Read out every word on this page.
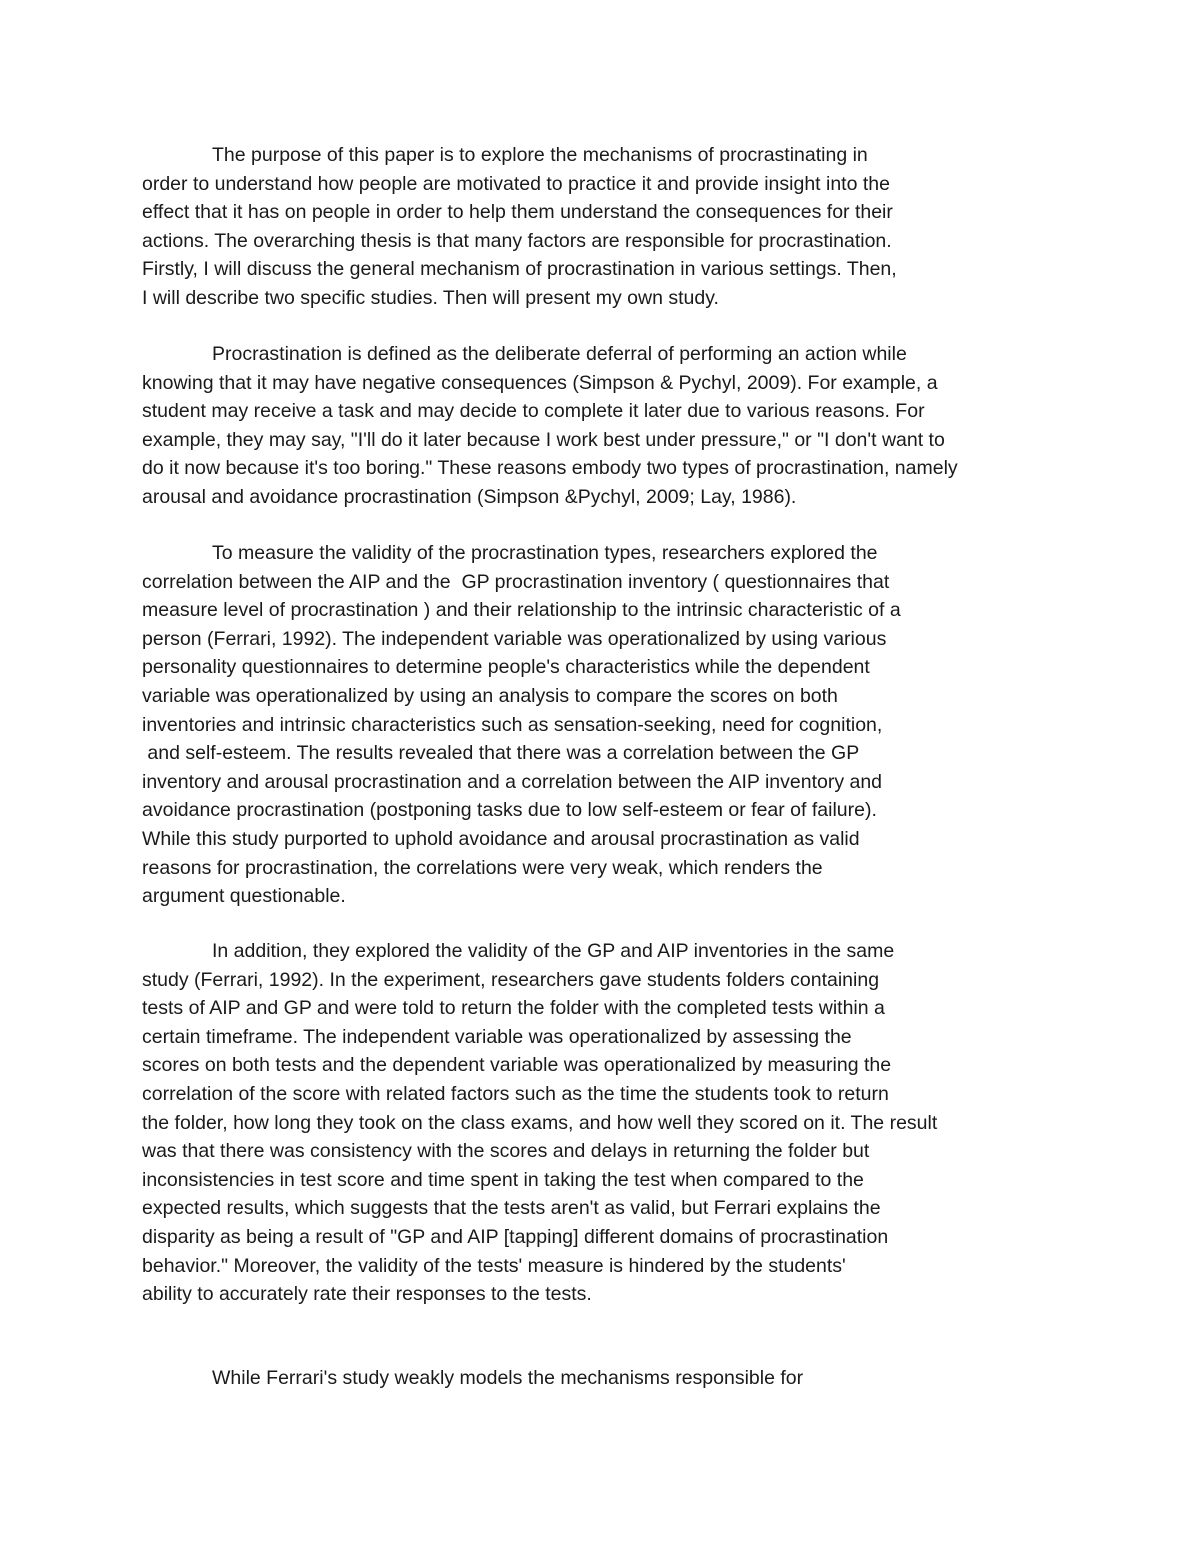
The purpose of this paper is to explore the mechanisms of procrastinating in
order to understand how people are motivated to practice it and provide insight into the
effect that it has on people in order to help them understand the consequences for their
actions. The overarching thesis is that many factors are responsible for procrastination.
Firstly, I will discuss the general mechanism of procrastination in various settings. Then,
I will describe two specific studies. Then will present my own study.
Procrastination is defined as the deliberate deferral of performing an action while
knowing that it may have negative consequences (Simpson & Pychyl, 2009). For example, a
student may receive a task and may decide to complete it later due to various reasons. For
example, they may say, "I'll do it later because I work best under pressure," or "I don't want to
do it now because it's too boring." These reasons embody two types of procrastination, namely
arousal and avoidance procrastination (Simpson &Pychyl, 2009; Lay, 1986).
To measure the validity of the procrastination types, researchers explored the
correlation between the AIP and the  GP procrastination inventory ( questionnaires that
measure level of procrastination ) and their relationship to the intrinsic characteristic of a
person (Ferrari, 1992). The independent variable was operationalized by using various
personality questionnaires to determine people's characteristics while the dependent
variable was operationalized by using an analysis to compare the scores on both
inventories and intrinsic characteristics such as sensation-seeking, need for cognition,
and self-esteem. The results revealed that there was a correlation between the GP
inventory and arousal procrastination and a correlation between the AIP inventory and
avoidance procrastination (postponing tasks due to low self-esteem or fear of failure).
While this study purported to uphold avoidance and arousal procrastination as valid
reasons for procrastination, the correlations were very weak, which renders the
argument questionable.
In addition, they explored the validity of the GP and AIP inventories in the same
study (Ferrari, 1992). In the experiment, researchers gave students folders containing
tests of AIP and GP and were told to return the folder with the completed tests within a
certain timeframe. The independent variable was operationalized by assessing the
scores on both tests and the dependent variable was operationalized by measuring the
correlation of the score with related factors such as the time the students took to return
the folder, how long they took on the class exams, and how well they scored on it. The result
was that there was consistency with the scores and delays in returning the folder but
inconsistencies in test score and time spent in taking the test when compared to the
expected results, which suggests that the tests aren't as valid, but Ferrari explains the
disparity as being a result of "GP and AIP [tapping] different domains of procrastination
behavior." Moreover, the validity of the tests' measure is hindered by the students'
ability to accurately rate their responses to the tests.
While Ferrari's study weakly models the mechanisms responsible for
